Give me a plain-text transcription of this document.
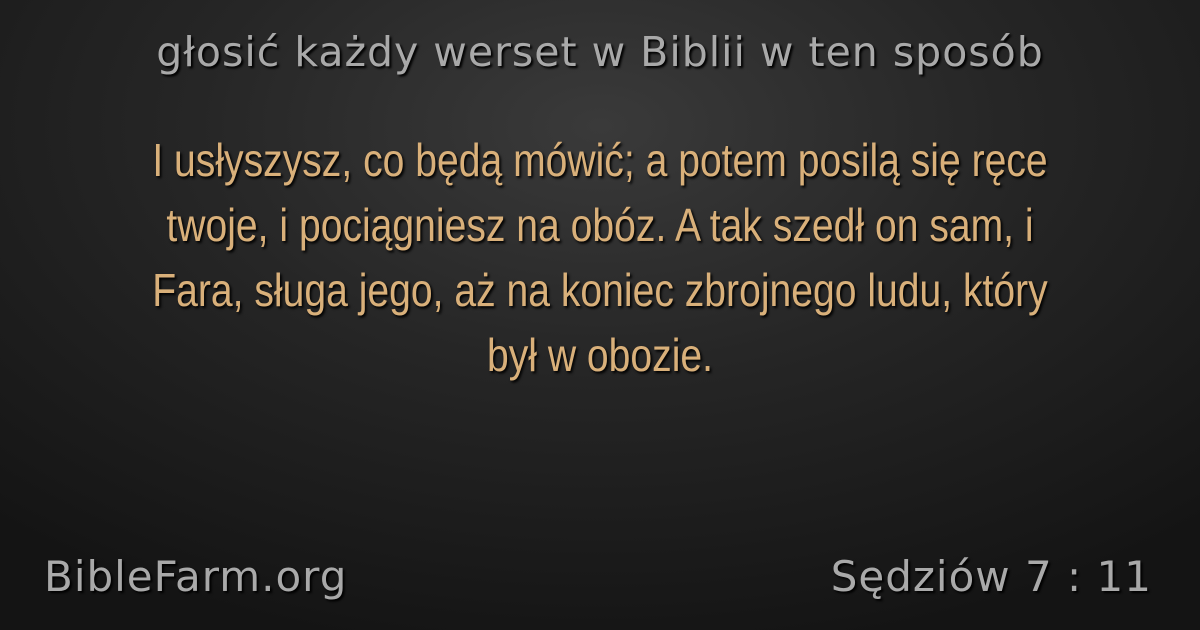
głosić każdy werset w Biblii w ten sposób
I usłyszysz, co będą mówić; a potem posilą się ręce twoje, i pociągniesz na obóz. A tak szedł on sam, i Fara, sługa jego, aż na koniec zbrojnego ludu, który był w obozie.
BibleFarm.org	Sędziów 7 : 11
